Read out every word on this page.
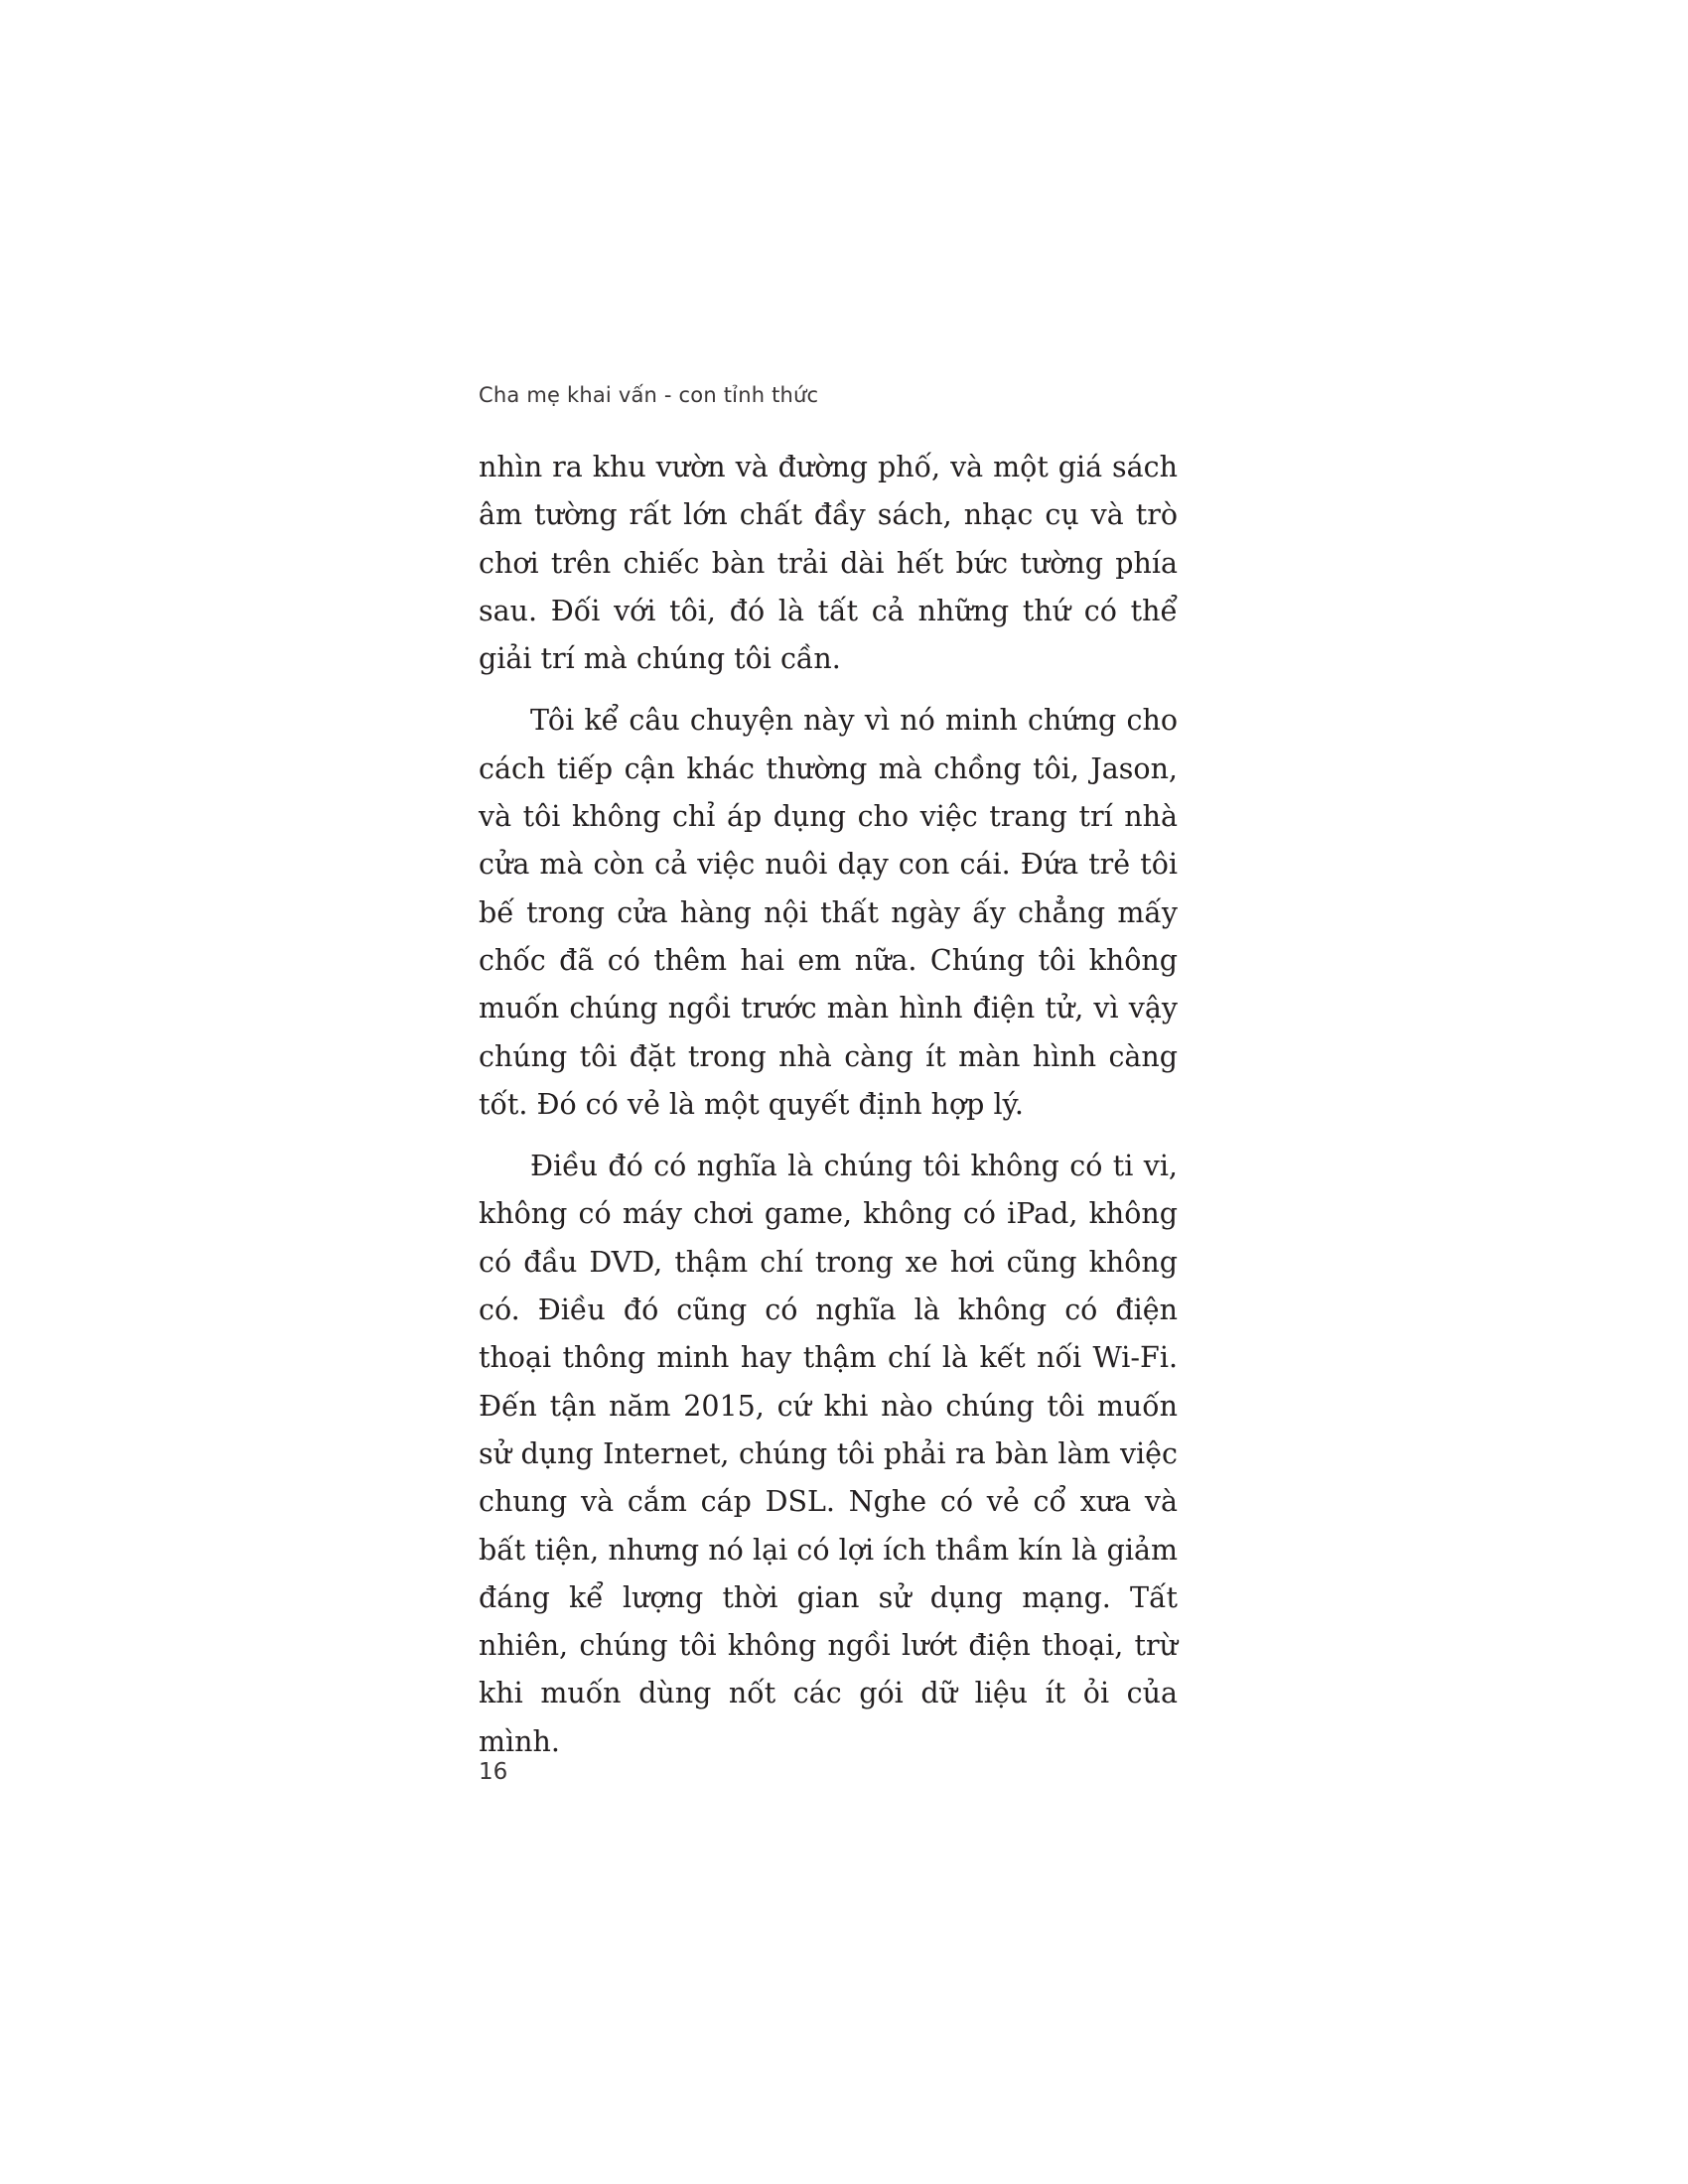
Cha mẹ khai vấn - con tỉnh thức

nhìn ra khu vườn và đường phố, và một giá sách âm tường rất lớn chất đầy sách, nhạc cụ và trò chơi trên chiếc bàn trải dài hết bức tường phía sau. Đối với tôi, đó là tất cả những thứ có thể giải trí mà chúng tôi cần.

Tôi kể câu chuyện này vì nó minh chứng cho cách tiếp cận khác thường mà chồng tôi, Jason, và tôi không chỉ áp dụng cho việc trang trí nhà cửa mà còn cả việc nuôi dạy con cái. Đứa trẻ tôi bế trong cửa hàng nội thất ngày ấy chẳng mấy chốc đã có thêm hai em nữa. Chúng tôi không muốn chúng ngồi trước màn hình điện tử, vì vậy chúng tôi đặt trong nhà càng ít màn hình càng tốt. Đó có vẻ là một quyết định hợp lý.

Điều đó có nghĩa là chúng tôi không có ti vi, không có máy chơi game, không có iPad, không có đầu DVD, thậm chí trong xe hơi cũng không có. Điều đó cũng có nghĩa là không có điện thoại thông minh hay thậm chí là kết nối Wi-Fi. Đến tận năm 2015, cứ khi nào chúng tôi muốn sử dụng Internet, chúng tôi phải ra bàn làm việc chung và cắm cáp DSL. Nghe có vẻ cổ xưa và bất tiện, nhưng nó lại có lợi ích thầm kín là giảm đáng kể lượng thời gian sử dụng mạng. Tất nhiên, chúng tôi không ngồi lướt điện thoại, trừ khi muốn dùng nốt các gói dữ liệu ít ỏi của mình.

16
